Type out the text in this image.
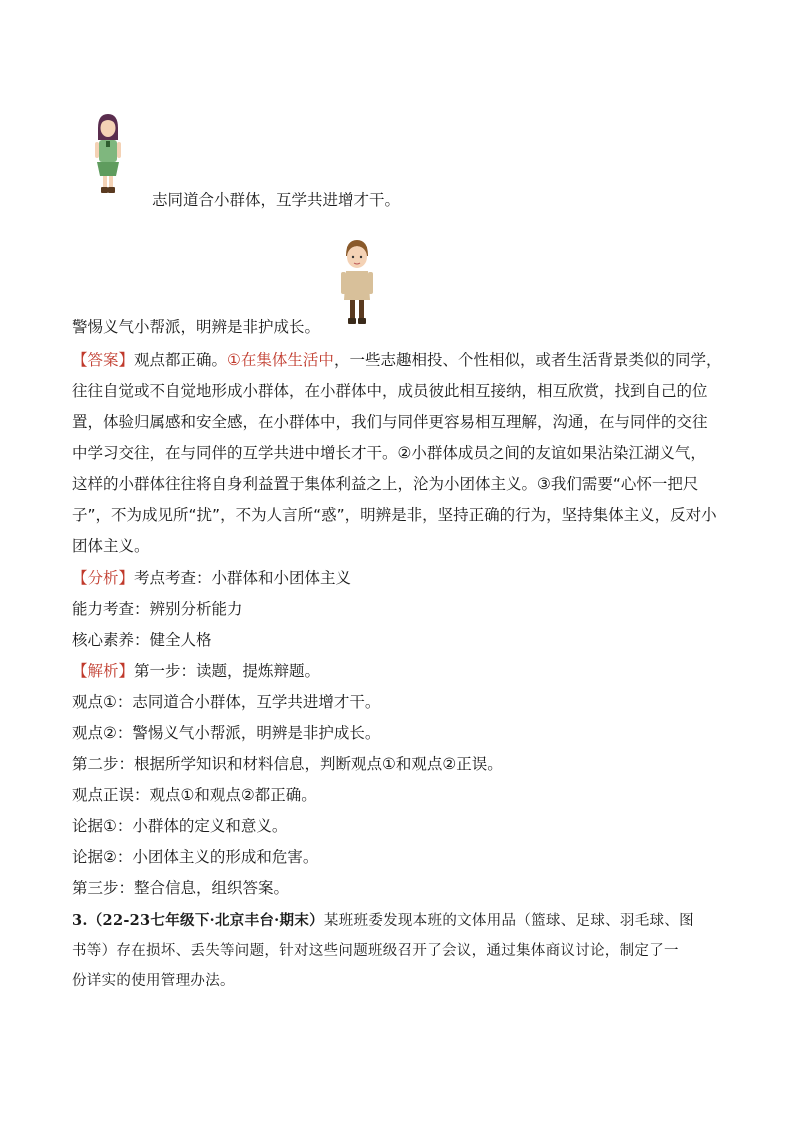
志同道合小群体，互学共进增才干。
警惕义气小帮派，明辨是非护成长。
【答案】观点都正确。①在集体生活中，一些志趣相投、个性相似，或者生活背景类似的同学，
往往自觉或不自觉地形成小群体，在小群体中，成员彼此相互接纳，相互欣赏，找到自己的位
置，体验归属感和安全感，在小群体中，我们与同伴更容易相互理解，沟通，在与同伴的交往
中学习交往，在与同伴的互学共进中增长才干。②小群体成员之间的友谊如果沾染江湖义气，
这样的小群体往往将自身利益置于集体利益之上，沦为小团体主义。③我们需要“心怀一把尺
子”，不为成见所“扰”，不为人言所“惑”，明辨是非，坚持正确的行为，坚持集体主义，反对小
团体主义。
【分析】考点考查：小群体和小团体主义
能力考查：辨别分析能力
核心素养：健全人格
【解析】第一步：读题，提炼辩题。
观点①：志同道合小群体，互学共进增才干。
观点②：警惕义气小帮派，明辨是非护成长。
第二步：根据所学知识和材料信息，判断观点①和观点②正误。
观点正误：观点①和观点②都正确。
论据①：小群体的定义和意义。
论据②：小团体主义的形成和危害。
第三步：整合信息，组织答案。
3.（22-23七年级下·北京丰台·期末）某班班委发现本班的文体用品（篮球、足球、羽毛球、图
书等）存在损坏、丢失等问题，针对这些问题班级召开了会议，通过集体商议讨论，制定了一
份详实的使用管理办法。
